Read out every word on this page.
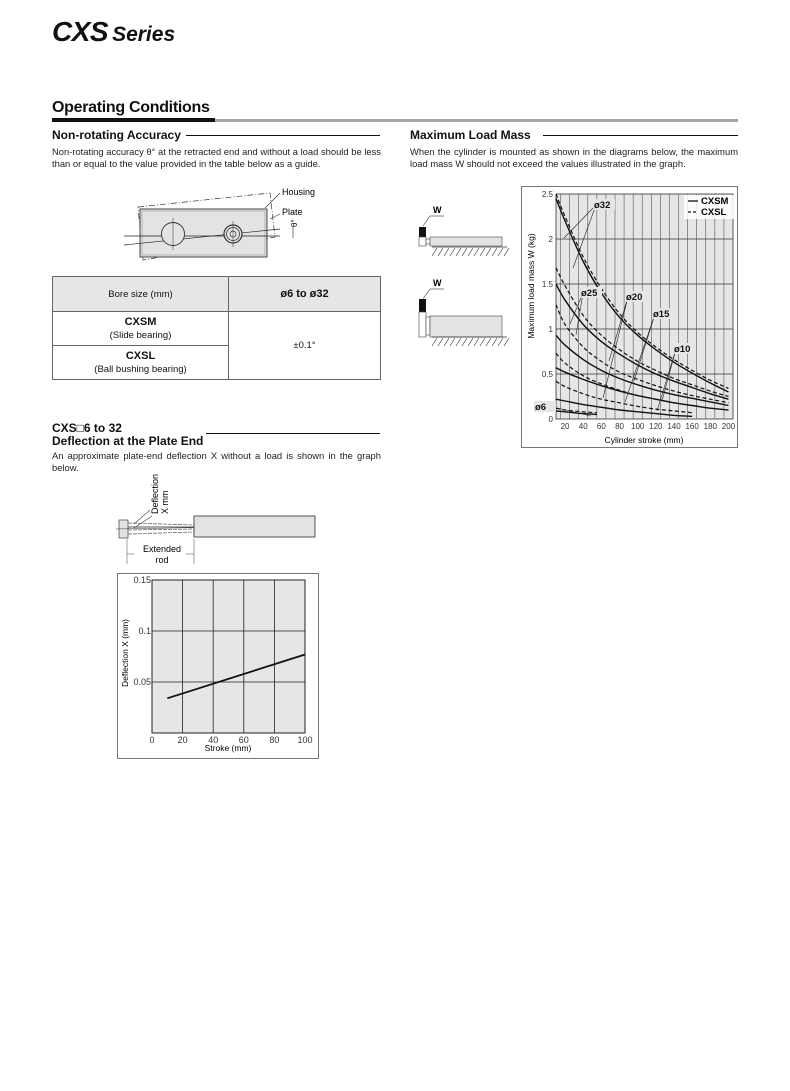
CXS Series
Operating Conditions
Non-rotating Accuracy
Non-rotating accuracy θ° at the retracted end and without a load should be less than or equal to the value provided in the table below as a guide.
θ°
Housing
Plate
Bore size (mm)	ø6 to ø32

CXSM
(Slide bearing)	±0.1°

CXSL
(Ball bushing bearing)	
CXS□6 to 32
Deflection at the Plate End
An approximate plate-end deflection X without a load is shown in the graph below.
Deflection X mm
Extended
rod
0	20 40 60 80 100
0.05
0.1
0.15
Deflection X (mm)
Stroke (mm)
Maximum Load Mass
When the cylinder is mounted as shown in the diagrams below, the maximum load mass W should not exceed the values illustrated in the graph.
W
W
20 40 60 80 100 120 140 160 180 200
0
0.5
1
1.5
2
2.5
ø32
ø25	ø20
ø15
ø10
ø6
Maximum load mass W (kg)
Cylinder stroke (mm)
CXSM
CXSL
